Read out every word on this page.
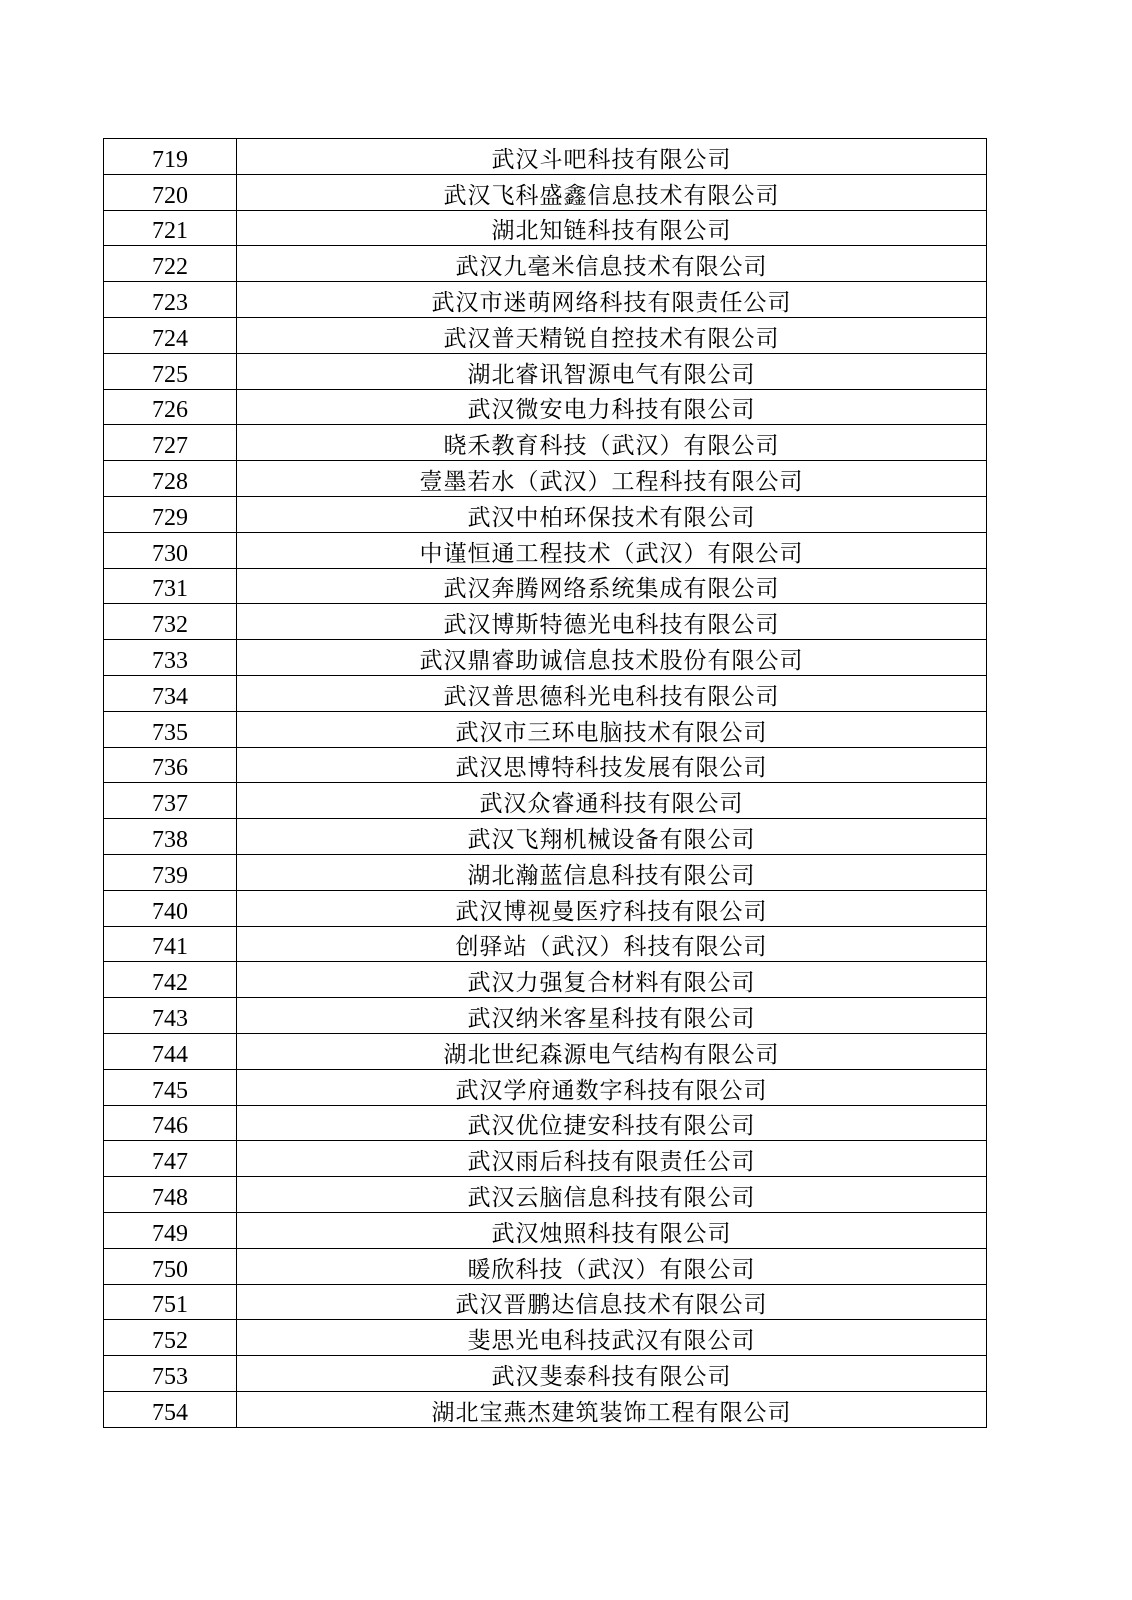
719	武汉斗吧科技有限公司
720	武汉飞科盛鑫信息技术有限公司
721	湖北知链科技有限公司
722	武汉九毫米信息技术有限公司
723	武汉市迷萌网络科技有限责任公司
724	武汉普天精锐自控技术有限公司
725	湖北睿讯智源电气有限公司
726	武汉微安电力科技有限公司
727	晓禾教育科技（武汉）有限公司
728	壹墨若水（武汉）工程科技有限公司
729	武汉中柏环保技术有限公司
730	中谨恒通工程技术（武汉）有限公司
731	武汉奔腾网络系统集成有限公司
732	武汉博斯特德光电科技有限公司
733	武汉鼎睿助诚信息技术股份有限公司
734	武汉普思德科光电科技有限公司
735	武汉市三环电脑技术有限公司
736	武汉思博特科技发展有限公司
737	武汉众睿通科技有限公司
738	武汉飞翔机械设备有限公司
739	湖北瀚蓝信息科技有限公司
740	武汉博视曼医疗科技有限公司
741	创驿站（武汉）科技有限公司
742	武汉力强复合材料有限公司
743	武汉纳米客星科技有限公司
744	湖北世纪森源电气结构有限公司
745	武汉学府通数字科技有限公司
746	武汉优位捷安科技有限公司
747	武汉雨后科技有限责任公司
748	武汉云脑信息科技有限公司
749	武汉烛照科技有限公司
750	暖欣科技（武汉）有限公司
751	武汉晋鹏达信息技术有限公司
752	斐思光电科技武汉有限公司
753	武汉斐泰科技有限公司
754	湖北宝燕杰建筑装饰工程有限公司
